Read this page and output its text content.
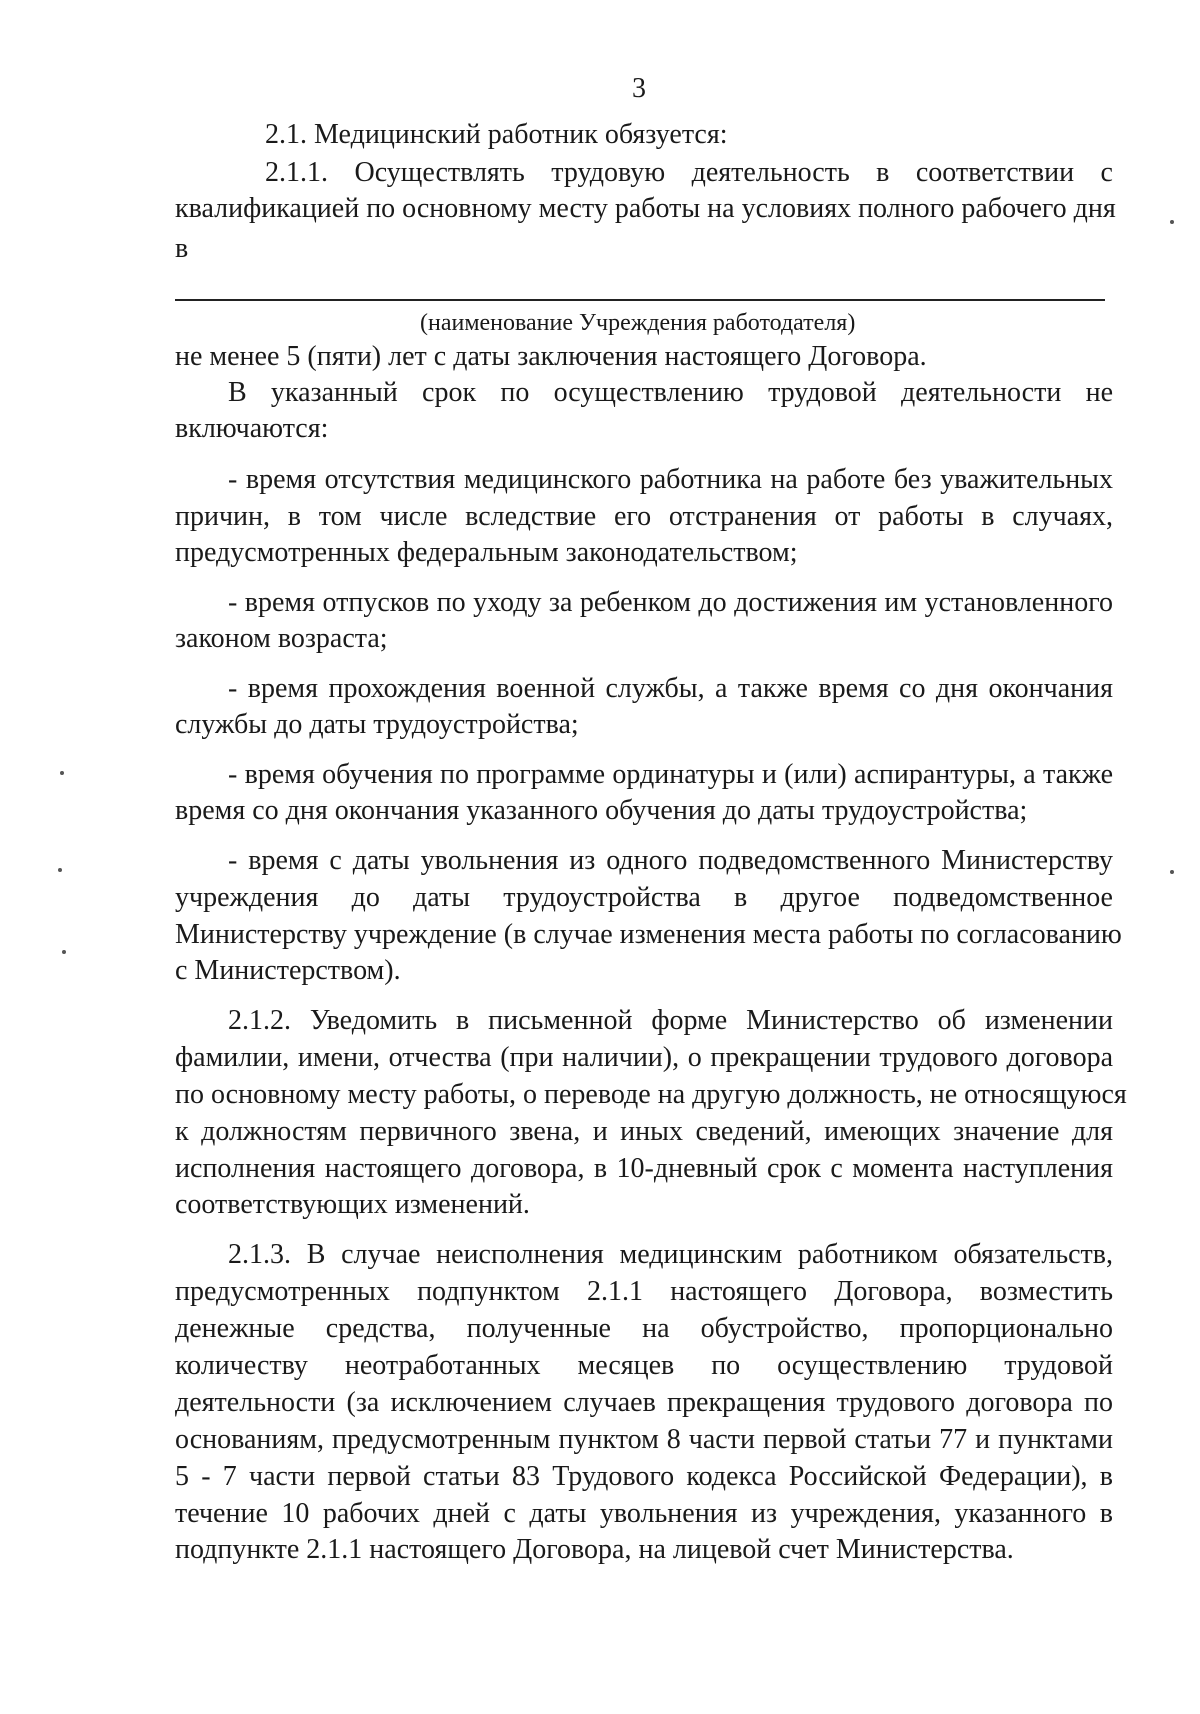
3
2.1. Медицинский работник обязуется:
2.1.1. Осуществлять трудовую деятельность в соответствии с
квалификацией по основному месту работы на условиях полного рабочего дня
в
(наименование Учреждения работодателя)
не менее 5 (пяти) лет с даты заключения настоящего Договора.
В указанный срок по осуществлению трудовой деятельности не
включаются:
- время отсутствия медицинского работника на работе без уважительных
причин, в том числе вследствие его отстранения от работы в случаях,
предусмотренных федеральным законодательством;
- время отпусков по уходу за ребенком до достижения им установленного
законом возраста;
- время прохождения военной службы, а также время со дня окончания
службы до даты трудоустройства;
- время обучения по программе ординатуры и (или) аспирантуры, а также
время со дня окончания указанного обучения до даты трудоустройства;
- время с даты увольнения из одного подведомственного Министерству
учреждения до даты трудоустройства в другое подведомственное
Министерству учреждение (в случае изменения места работы по согласованию
с Министерством).
2.1.2. Уведомить в письменной форме Министерство об изменении
фамилии, имени, отчества (при наличии), о прекращении трудового договора
по основному месту работы, о переводе на другую должность, не относящуюся
к должностям первичного звена, и иных сведений, имеющих значение для
исполнения настоящего договора, в 10-дневный срок с момента наступления
соответствующих изменений.
2.1.3. В случае неисполнения медицинским работником обязательств,
предусмотренных подпунктом 2.1.1 настоящего Договора, возместить
денежные средства, полученные на обустройство, пропорционально
количеству неотработанных месяцев по осуществлению трудовой
деятельности (за исключением случаев прекращения трудового договора по
основаниям, предусмотренным пунктом 8 части первой статьи 77 и пунктами
5 - 7 части первой статьи 83 Трудового кодекса Российской Федерации), в
течение 10 рабочих дней с даты увольнения из учреждения, указанного в
подпункте 2.1.1 настоящего Договора, на лицевой счет Министерства.
